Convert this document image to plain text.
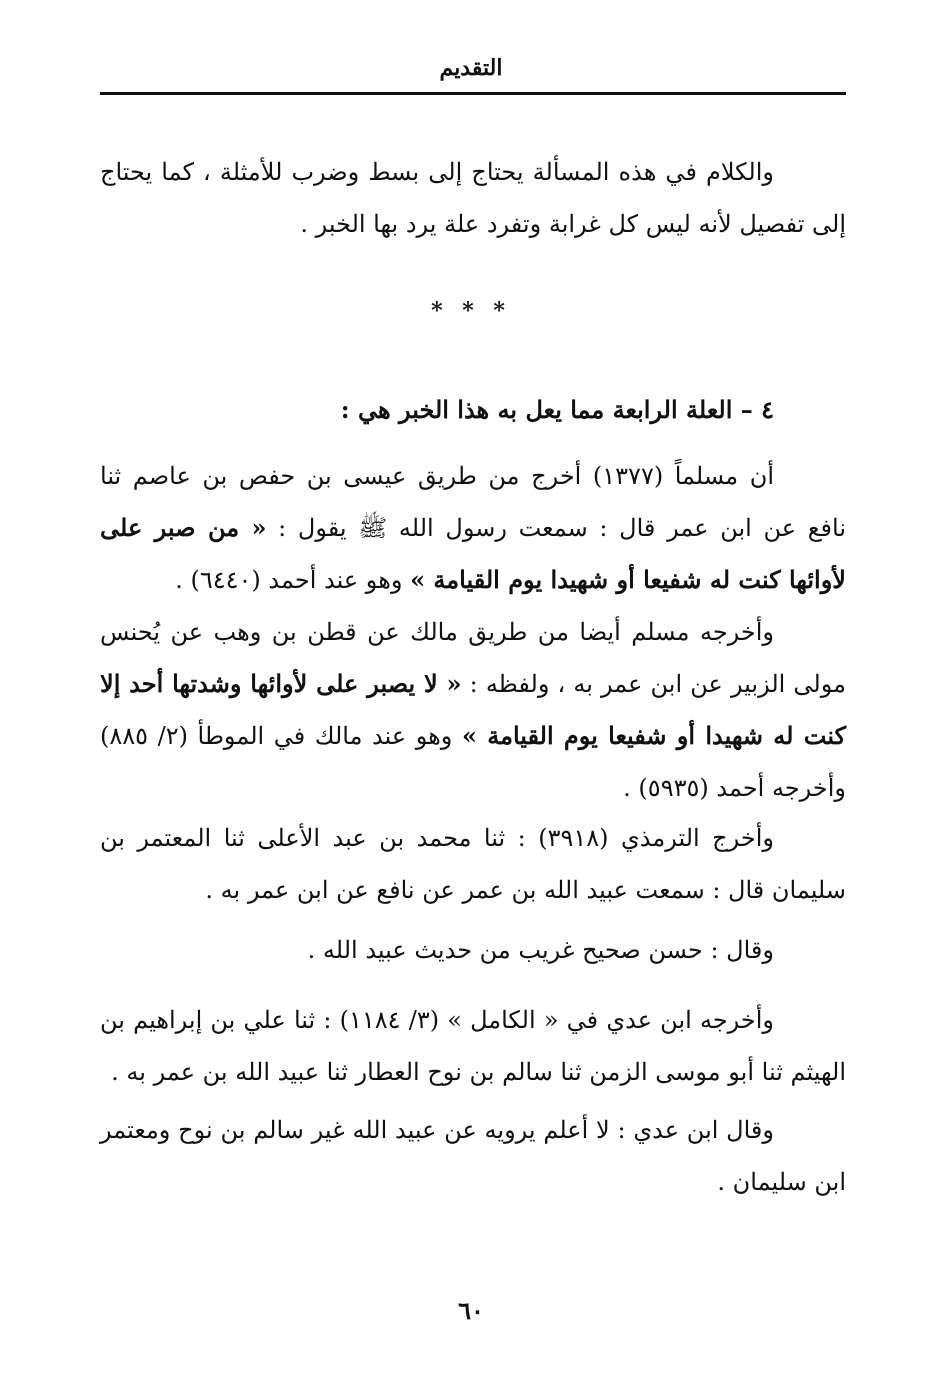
التقديم

والكلام في هذه المسألة يحتاج إلى بسط وضرب للأمثلة ، كما يحتاج إلى تفصيل لأنه ليس كل غرابة وتفرد علة يرد بها الخبر .

* * *

٤ – العلة الرابعة مما يعل به هذا الخبر هي :

أن مسلماً (١٣٧٧) أخرج من طريق عيسى بن حفص بن عاصم ثنا نافع عن ابن عمر قال : سمعت رسول الله ﷺ يقول : « من صبر على لأوائها كنت له شفيعا أو شهيدا يوم القيامة » وهو عند أحمد (٦٤٤٠) .

وأخرجه مسلم أيضا من طريق مالك عن قطن بن وهب عن يُحنس مولى الزبير عن ابن عمر به ، ولفظه : « لا يصبر على لأوائها وشدتها أحد إلا كنت له شهيدا أو شفيعا يوم القيامة » وهو عند مالك في الموطأ (٢/ ٨٨٥) وأخرجه أحمد (٥٩٣٥) .

وأخرج الترمذي (٣٩١٨) : ثنا محمد بن عبد الأعلى ثنا المعتمر بن سليمان قال : سمعت عبيد الله بن عمر عن نافع عن ابن عمر به .

وقال : حسن صحيح غريب من حديث عبيد الله .

وأخرجه ابن عدي في « الكامل » (٣/ ١١٨٤) : ثنا علي بن إبراهيم بن الهيثم ثنا أبو موسى الزمن ثنا سالم بن نوح العطار ثنا عبيد الله بن عمر به .

وقال ابن عدي : لا أعلم يرويه عن عبيد الله غير سالم بن نوح ومعتمر ابن سليمان .

٦٠
